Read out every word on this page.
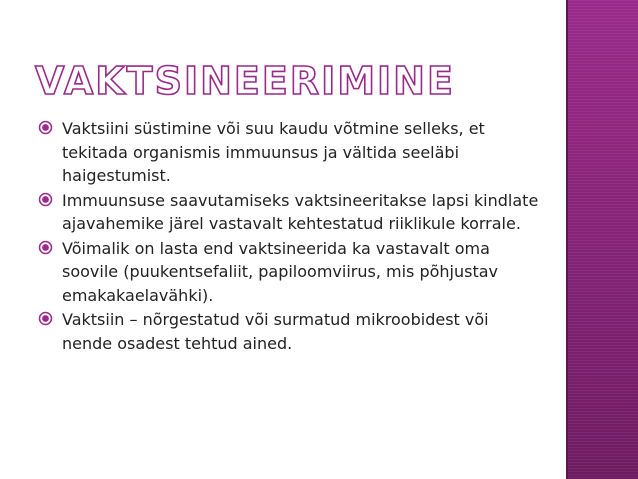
VAKTSINEERIMINE
Vaktsiini süstimine või suu kaudu võtmine selleks, et tekitada organismis immuunsus ja vältida seeläbi haigestumist.
Immuunsuse saavutamiseks vaktsineeritakse lapsi kindlate ajavahemike järel vastavalt kehtestatud riiklikule korrale.
Võimalik on lasta end vaktsineerida ka vastavalt oma soovile (puukentsefaliit, papiloomviirus, mis põhjustav emakakaelavähki).
Vaktsiin – nõrgestatud või surmatud mikroobidest või nende osadest tehtud ained.
